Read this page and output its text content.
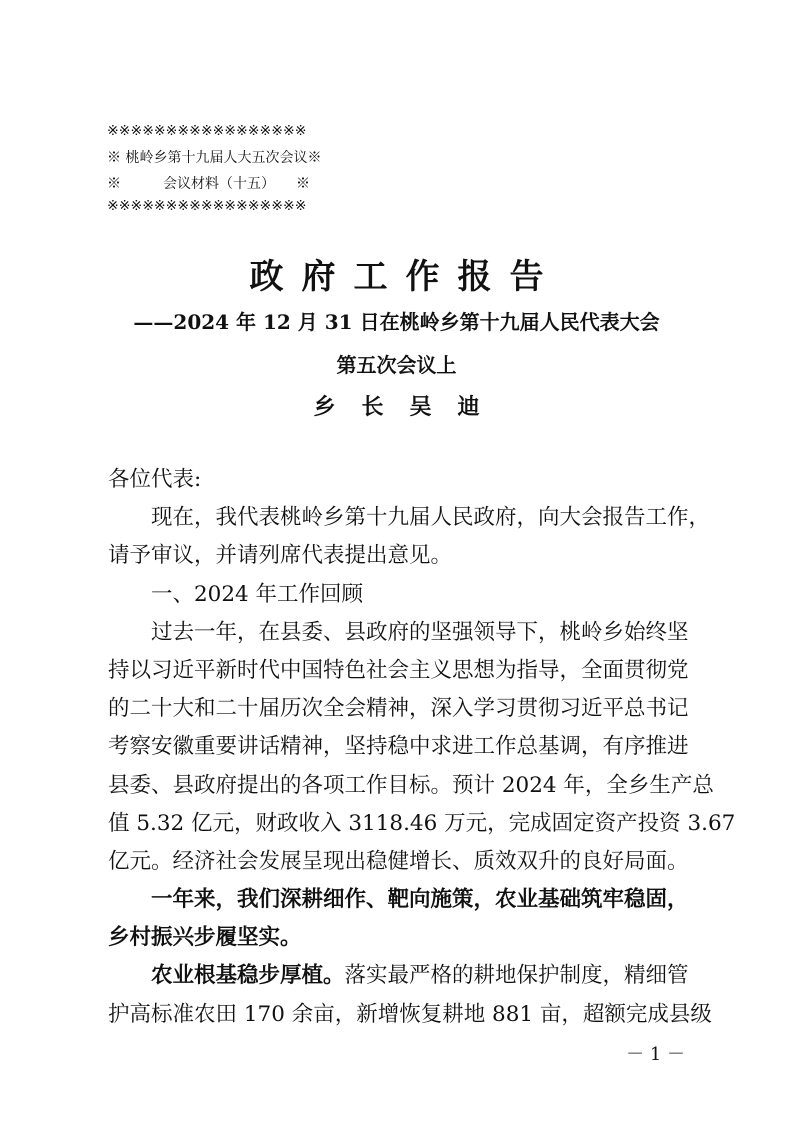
※※※※※※※※※※※※※※※※※
※ 桃岭乡第十九届人大五次会议※
※　　　会议材料（十五）　　※
※※※※※※※※※※※※※※※※※
政府工作报告
——2024 年 12 月 31 日在桃岭乡第十九届人民代表大会
第五次会议上
乡长吴迪
各位代表:
现在，我代表桃岭乡第十九届人民政府，向大会报告工作，
请予审议，并请列席代表提出意见。
一、2024 年工作回顾
过去一年，在县委、县政府的坚强领导下，桃岭乡始终坚
持以习近平新时代中国特色社会主义思想为指导，全面贯彻党
的二十大和二十届历次全会精神，深入学习贯彻习近平总书记
考察安徽重要讲话精神，坚持稳中求进工作总基调，有序推进
县委、县政府提出的各项工作目标。预计 2024 年，全乡生产总
值 5.32 亿元，财政收入 3118.46 万元，完成固定资产投资 3.67
亿元。经济社会发展呈现出稳健增长、质效双升的良好局面。
一年来，我们深耕细作、靶向施策，农业基础筑牢稳固，
乡村振兴步履坚实。
农业根基稳步厚植。落实最严格的耕地保护制度，精细管
护高标准农田 170 余亩，新增恢复耕地 881 亩，超额完成县级
－ 1 －
